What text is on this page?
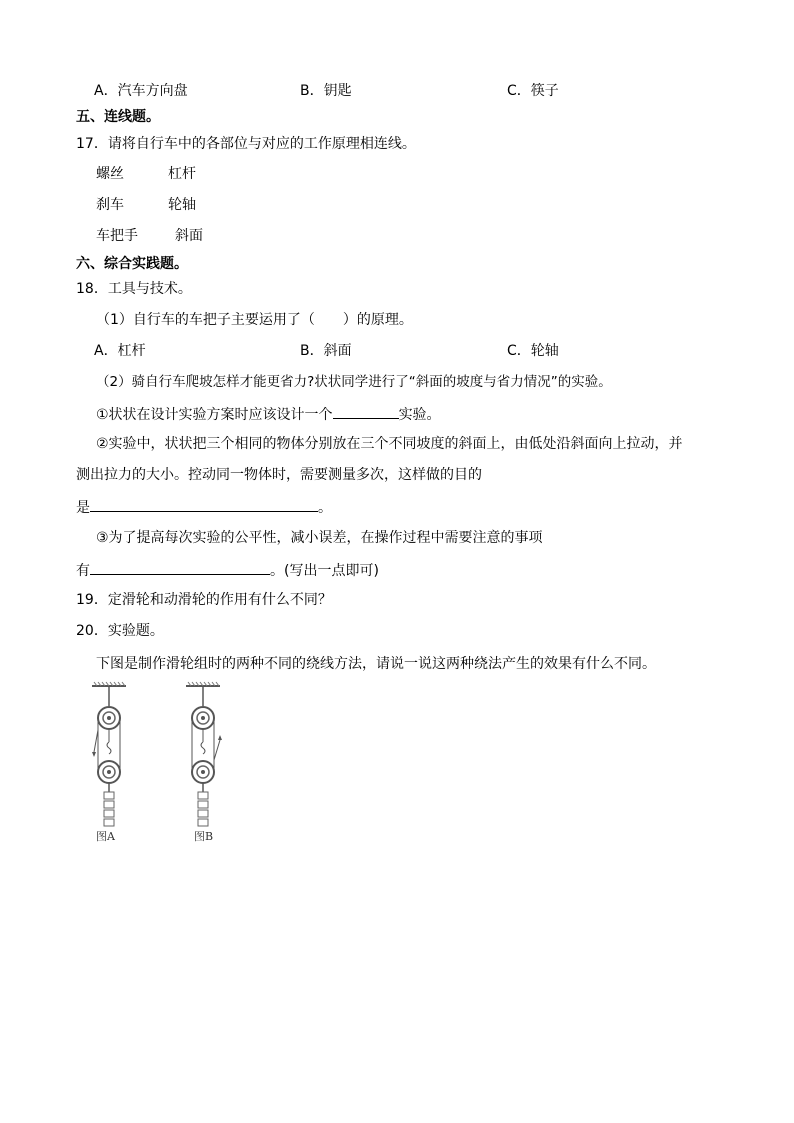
A．汽车方向盘	B．钥匙	C．筷子
五、连线题。
17．请将自行车中的各部位与对应的工作原理相连线。
螺丝	杠杆
刹车	轮轴
车把手	斜面
六、综合实践题。
18．工具与技术。
（1）自行车的车把子主要运用了（　　）的原理。
A．杠杆	B．斜面	C．轮轴
（2）骑自行车爬坡怎样才能更省力?状状同学进行了“斜面的坡度与省力情况”的实验。
①状状在设计实验方案时应该设计一个	实验。
②实验中，状状把三个相同的物体分别放在三个不同坡度的斜面上，由低处沿斜面向上拉动，并
测出拉力的大小。控动同一物体时，需要测量多次，这样做的目的
是	。
③为了提高每次实验的公平性，减小误差，在操作过程中需要注意的事项
有	。(写出一点即可)
19．定滑轮和动滑轮的作用有什么不同？
20．实验题。
下图是制作滑轮组时的两种不同的绕线方法，请说一说这两种绕法产生的效果有什么不同。
图A	图B
